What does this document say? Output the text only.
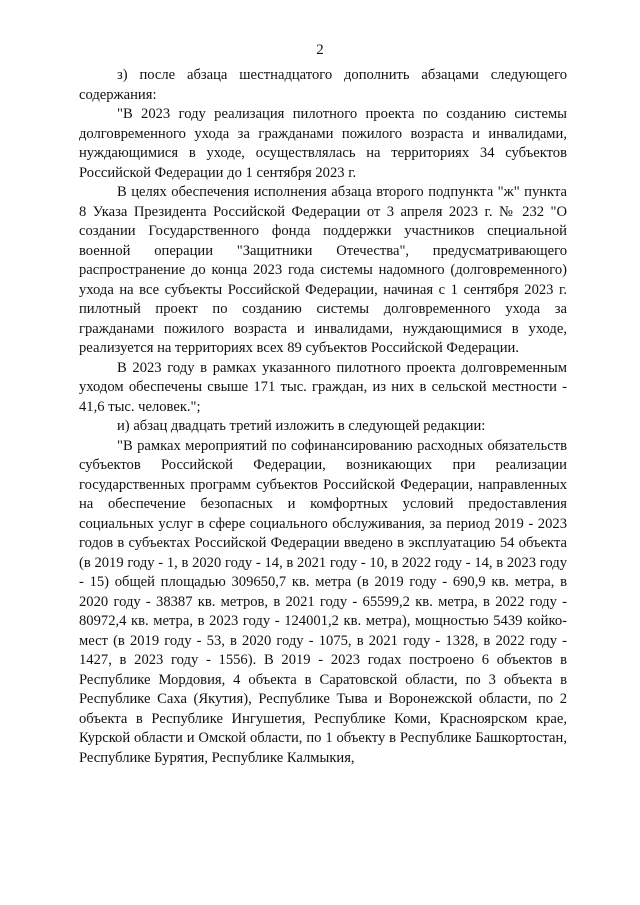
2

з) после абзаца шестнадцатого дополнить абзацами следующего содержания:

"В 2023 году реализация пилотного проекта по созданию системы долговременного ухода за гражданами пожилого возраста и инвалидами, нуждающимися в уходе, осуществлялась на территориях 34 субъектов Российской Федерации до 1 сентября 2023 г.

В целях обеспечения исполнения абзаца второго подпункта "ж" пункта 8 Указа Президента Российской Федерации от 3 апреля 2023 г. № 232 "О создании Государственного фонда поддержки участников специальной военной операции "Защитники Отечества", предусматривающего распространение до конца 2023 года системы надомного (долговременного) ухода на все субъекты Российской Федерации, начиная с 1 сентября 2023 г. пилотный проект по созданию системы долговременного ухода за гражданами пожилого возраста и инвалидами, нуждающимися в уходе, реализуется на территориях всех 89 субъектов Российской Федерации.

В 2023 году в рамках указанного пилотного проекта долговременным уходом обеспечены свыше 171 тыс. граждан, из них в сельской местности - 41,6 тыс. человек.";

и) абзац двадцать третий изложить в следующей редакции:

"В рамках мероприятий по софинансированию расходных обязательств субъектов Российской Федерации, возникающих при реализации государственных программ субъектов Российской Федерации, направленных на обеспечение безопасных и комфортных условий предоставления социальных услуг в сфере социального обслуживания, за период 2019 - 2023 годов в субъектах Российской Федерации введено в эксплуатацию 54 объекта (в 2019 году - 1, в 2020 году - 14, в 2021 году - 10, в 2022 году - 14, в 2023 году - 15) общей площадью 309650,7 кв. метра (в 2019 году - 690,9 кв. метра, в 2020 году - 38387 кв. метров, в 2021 году - 65599,2 кв. метра, в 2022 году - 80972,4 кв. метра, в 2023 году - 124001,2 кв. метра), мощностью 5439 койко-мест (в 2019 году - 53, в 2020 году - 1075, в 2021 году - 1328, в 2022 году - 1427, в 2023 году - 1556). В 2019 - 2023 годах построено 6 объектов в Республике Мордовия, 4 объекта в Саратовской области, по 3 объекта в Республике Саха (Якутия), Республике Тыва и Воронежской области, по 2 объекта в Республике Ингушетия, Республике Коми, Красноярском крае, Курской области и Омской области, по 1 объекту в Республике Башкортостан, Республике Бурятия, Республике Калмыкия,
